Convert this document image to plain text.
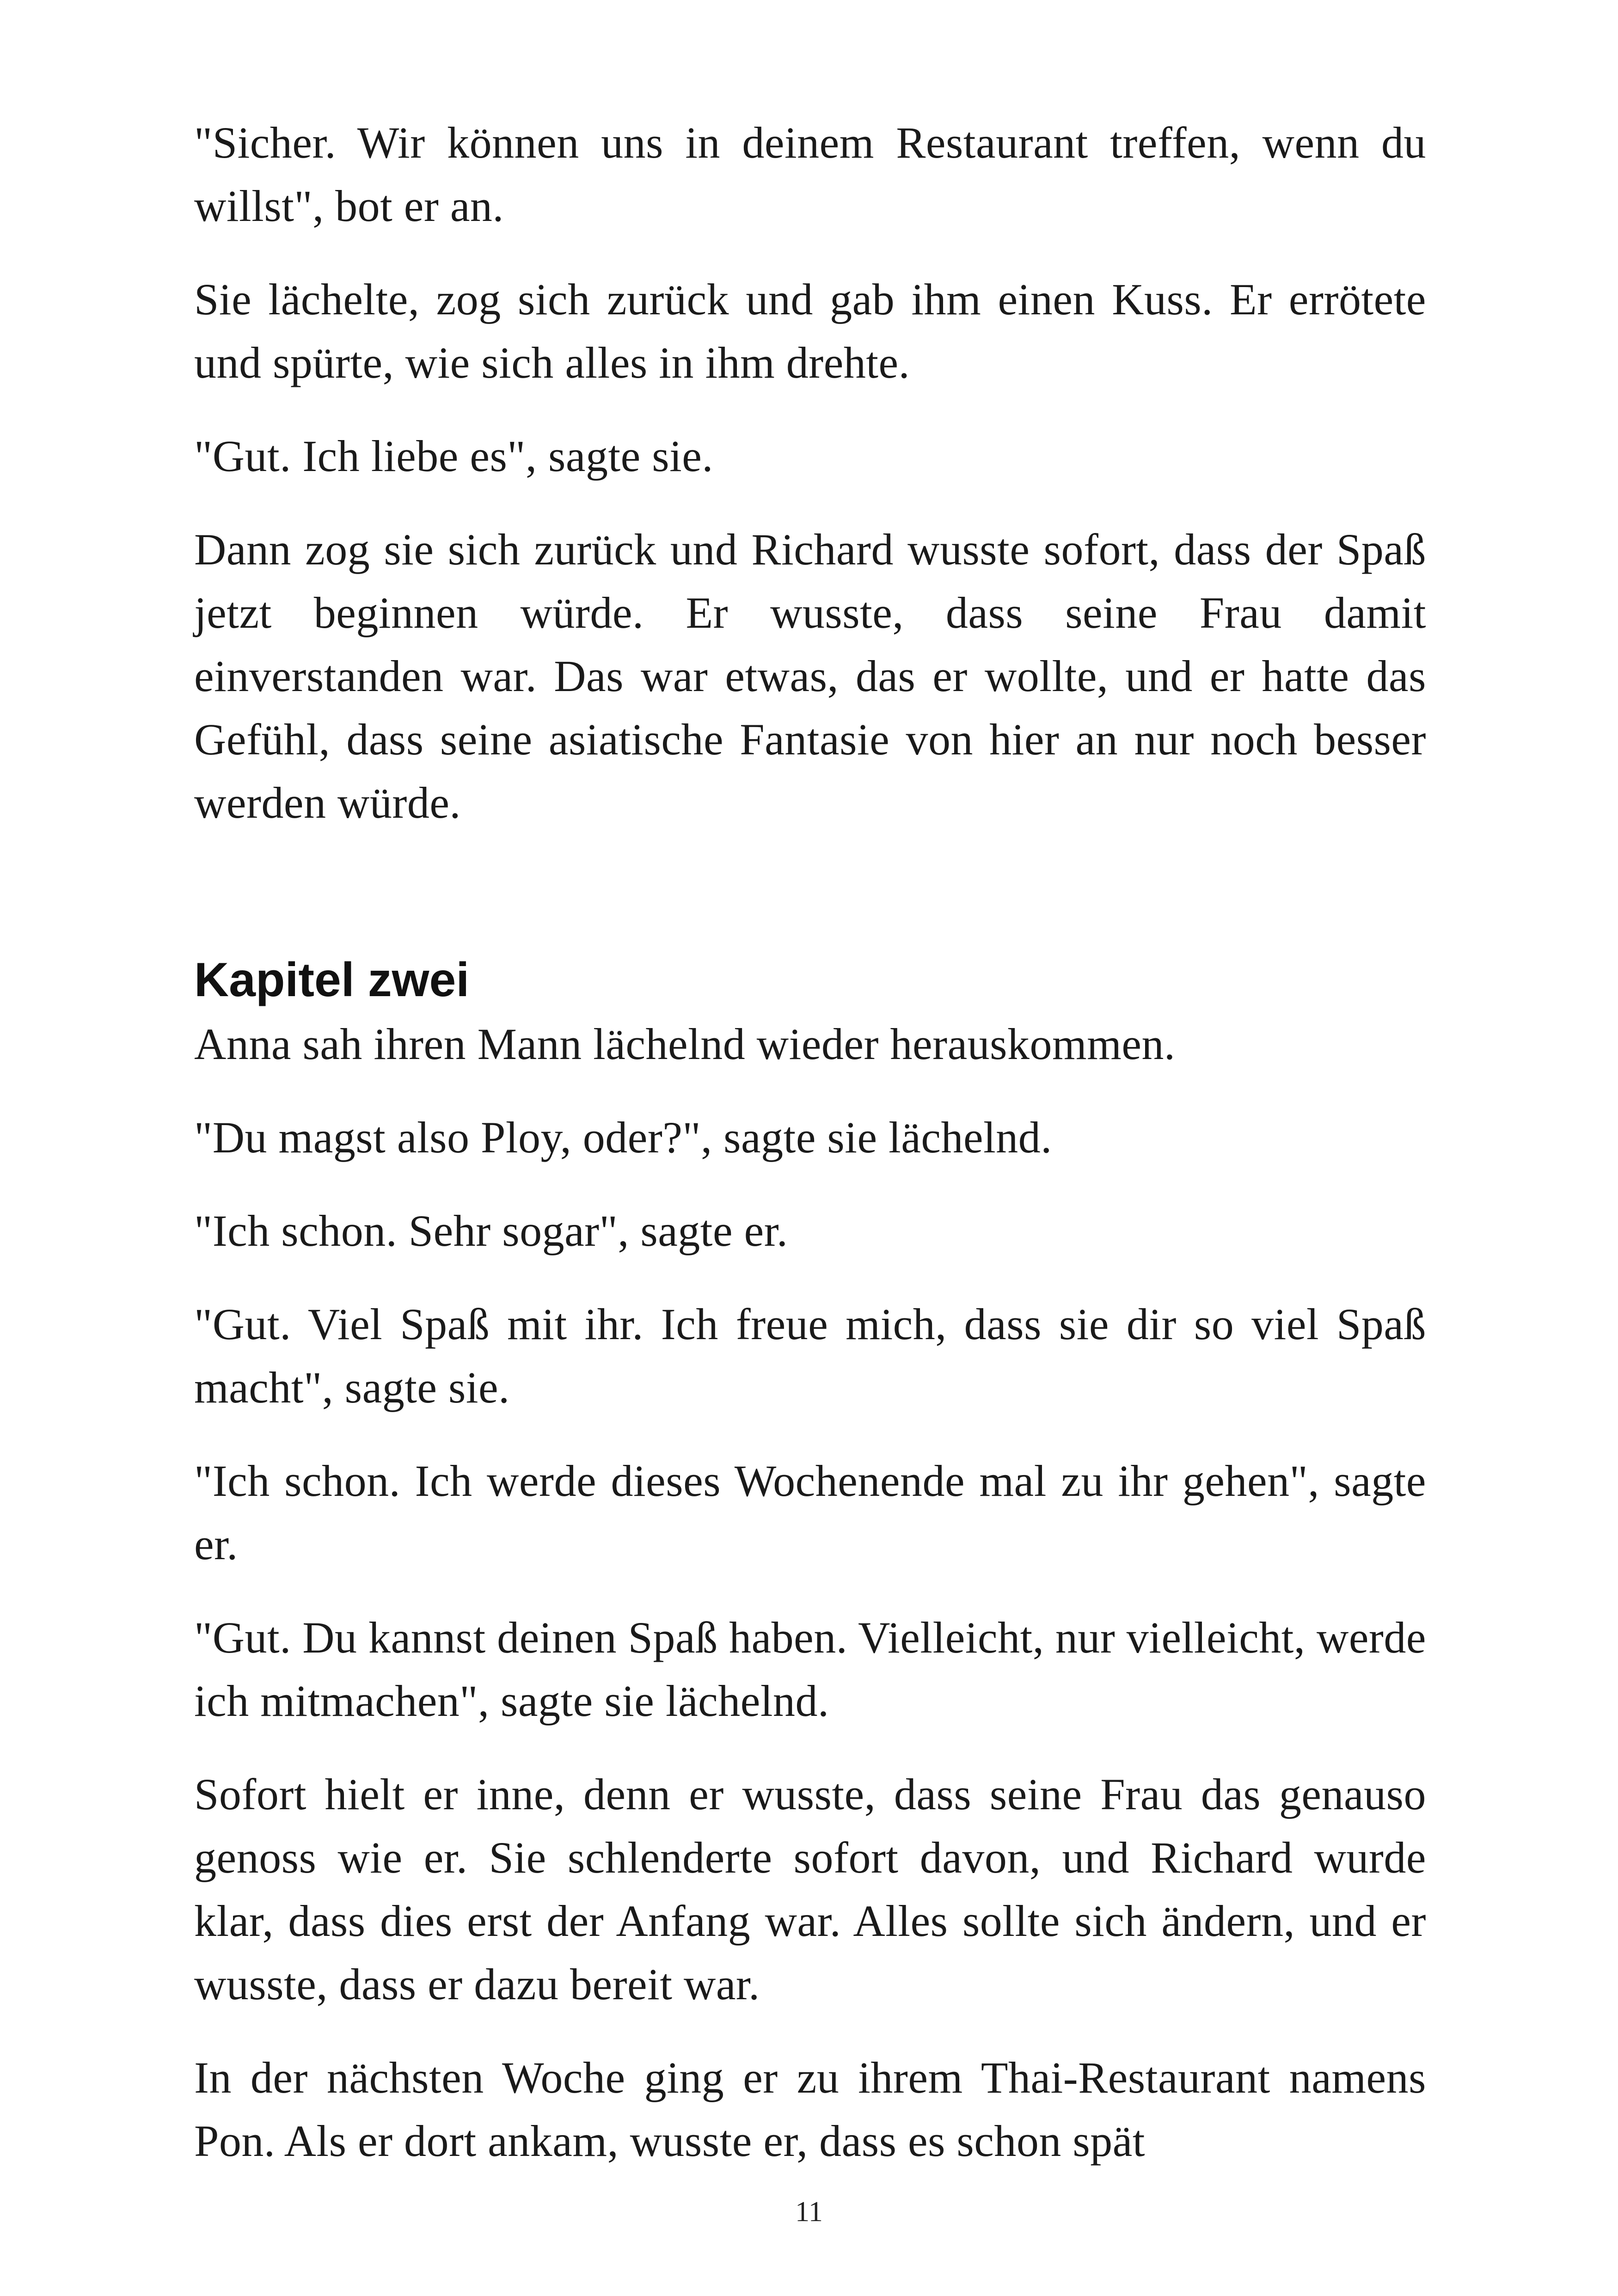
"Sicher. Wir können uns in deinem Restaurant treffen, wenn du willst", bot er an.

Sie lächelte, zog sich zurück und gab ihm einen Kuss. Er errötete und spürte, wie sich alles in ihm drehte.

"Gut. Ich liebe es", sagte sie.

Dann zog sie sich zurück und Richard wusste sofort, dass der Spaß jetzt beginnen würde. Er wusste, dass seine Frau damit einverstanden war. Das war etwas, das er wollte, und er hatte das Gefühl, dass seine asiatische Fantasie von hier an nur noch besser werden würde.

Kapitel zwei

Anna sah ihren Mann lächelnd wieder herauskommen.

"Du magst also Ploy, oder?", sagte sie lächelnd.

"Ich schon. Sehr sogar", sagte er.

"Gut. Viel Spaß mit ihr. Ich freue mich, dass sie dir so viel Spaß macht", sagte sie.

"Ich schon. Ich werde dieses Wochenende mal zu ihr gehen", sagte er.

"Gut. Du kannst deinen Spaß haben. Vielleicht, nur vielleicht, werde ich mitmachen", sagte sie lächelnd.

Sofort hielt er inne, denn er wusste, dass seine Frau das genauso genoss wie er. Sie schlenderte sofort davon, und Richard wurde klar, dass dies erst der Anfang war. Alles sollte sich ändern, und er wusste, dass er dazu bereit war.

In der nächsten Woche ging er zu ihrem Thai-Restaurant namens Pon. Als er dort ankam, wusste er, dass es schon spät

11
